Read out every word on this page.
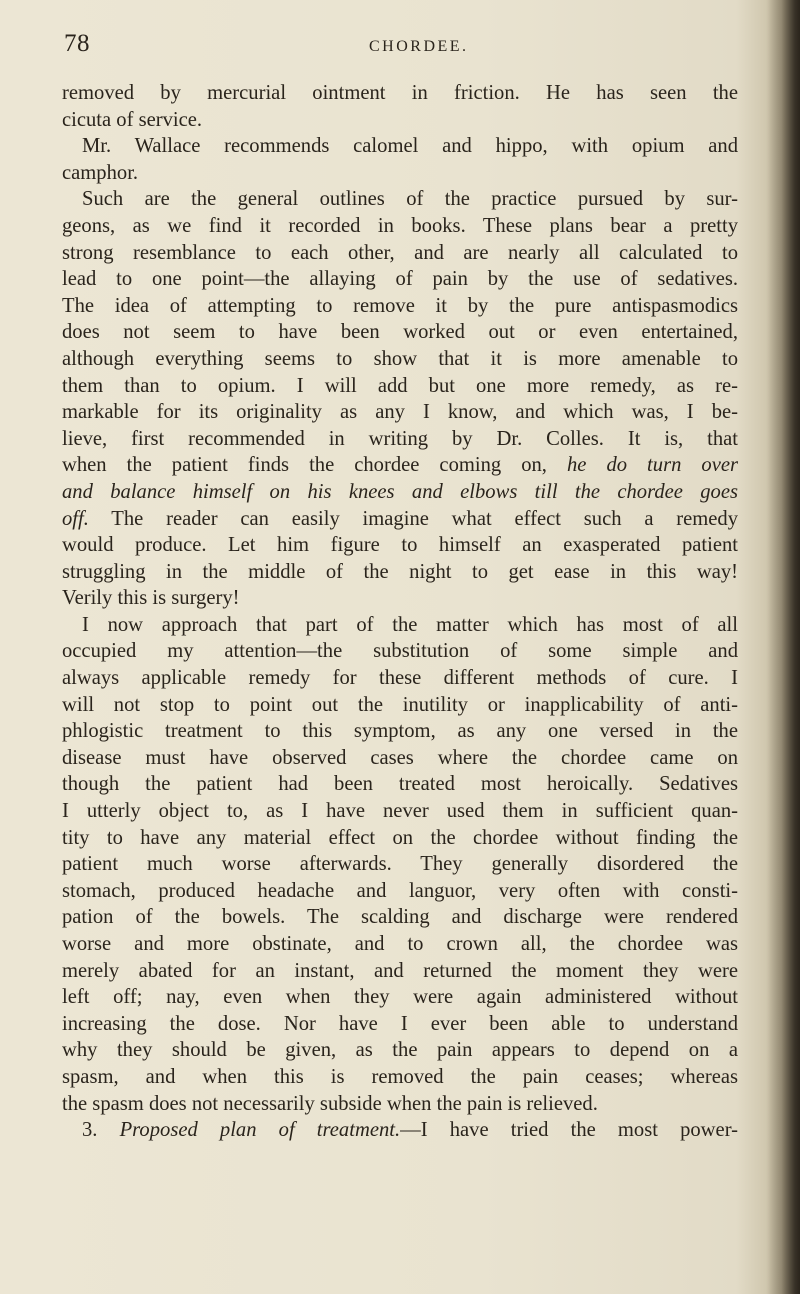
78	CHORDEE.
removed by mercurial ointment in friction. He has seen the
cicuta of service.
Mr. Wallace recommends calomel and hippo, with opium and
camphor.
Such are the general outlines of the practice pursued by sur-
geons, as we find it recorded in books. These plans bear a pretty
strong resemblance to each other, and are nearly all calculated to
lead to one point—the allaying of pain by the use of sedatives.
The idea of attempting to remove it by the pure antispasmodics
does not seem to have been worked out or even entertained,
although everything seems to show that it is more amenable to
them than to opium. I will add but one more remedy, as re-
markable for its originality as any I know, and which was, I be-
lieve, first recommended in writing by Dr. Colles. It is, that
when the patient finds the chordee coming on, he do turn over
and balance himself on his knees and elbows till the chordee goes
off. The reader can easily imagine what effect such a remedy
would produce. Let him figure to himself an exasperated patient
struggling in the middle of the night to get ease in this way!
Verily this is surgery!
I now approach that part of the matter which has most of all
occupied my attention—the substitution of some simple and
always applicable remedy for these different methods of cure. I
will not stop to point out the inutility or inapplicability of anti-
phlogistic treatment to this symptom, as any one versed in the
disease must have observed cases where the chordee came on
though the patient had been treated most heroically. Sedatives
I utterly object to, as I have never used them in sufficient quan-
tity to have any material effect on the chordee without finding the
patient much worse afterwards. They generally disordered the
stomach, produced headache and languor, very often with consti-
pation of the bowels. The scalding and discharge were rendered
worse and more obstinate, and to crown all, the chordee was
merely abated for an instant, and returned the moment they were
left off; nay, even when they were again administered without
increasing the dose. Nor have I ever been able to understand
why they should be given, as the pain appears to depend on a
spasm, and when this is removed the pain ceases; whereas
the spasm does not necessarily subside when the pain is relieved.
3. Proposed plan of treatment.—I have tried the most power-
